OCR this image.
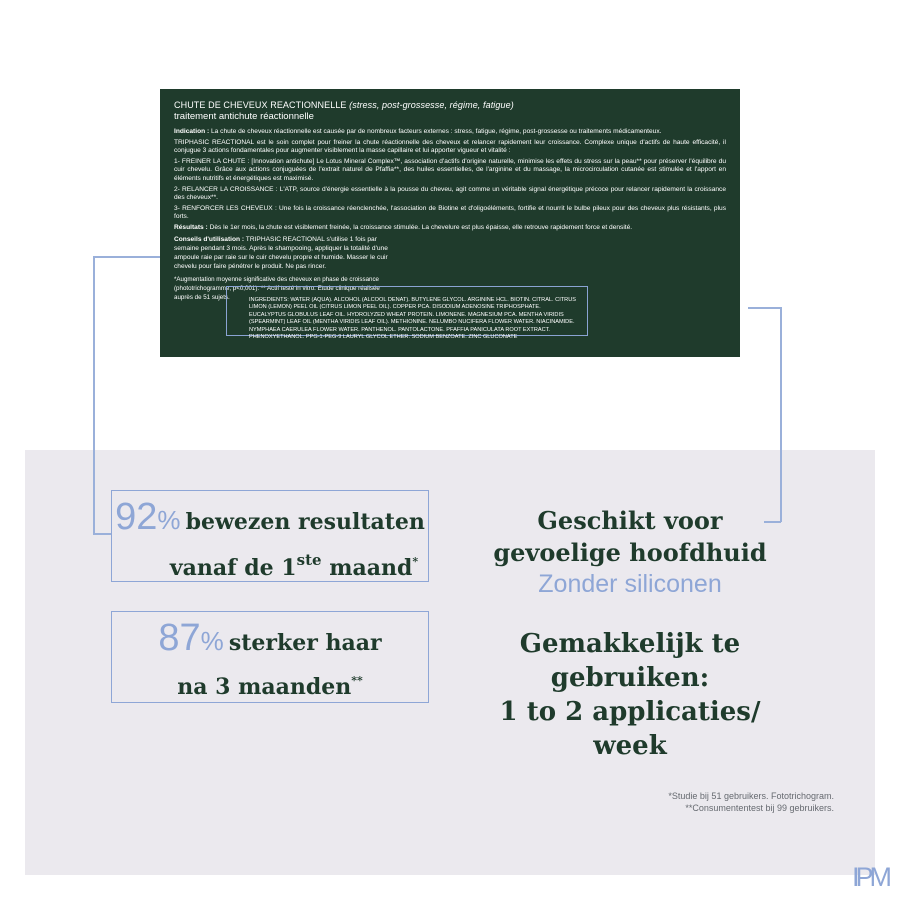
CHUTE DE CHEVEUX REACTIONNELLE (stress, post-grossesse, régime, fatigue)
traitement antichute réactionnelle

Indication : La chute de cheveux réactionnelle est causée par de nombreux facteurs externes : stress, fatigue, régime, post-grossesse ou traitements médicamenteux.

TRIPHASIC REACTIONAL est le soin complet pour freiner la chute réactionnelle des cheveux et relancer rapidement leur croissance. Complexe unique d'actifs de haute efficacité, il conjugue 3 actions fondamentales pour augmenter visiblement la masse capillaire et lui apporter vigueur et vitalité :

1- FREINER LA CHUTE : [Innovation antichute] Le Lotus Mineral Complex™, association d'actifs d'origine naturelle, minimise les effets du stress sur la peau** pour préserver l'équilibre du cuir chevelu. Grâce aux actions conjuguées de l'extrait naturel de Pfaffia**, des huiles essentielles, de l'arginine et du massage, la microcirculation cutanée est stimulée et l'apport en éléments nutritifs et énergétiques est maximisé.

2- RELANCER LA CROISSANCE : L'ATP, source d'énergie essentielle à la pousse du cheveu, agit comme un véritable signal énergétique précoce pour relancer rapidement la croissance des cheveux**.

3- RENFORCER LES CHEVEUX : Une fois la croissance réenclenchée, l'association de Biotine et d'oligoéléments, fortifie et nourrit le bulbe pileux pour des cheveux plus résistants, plus forts.

Résultats : Dès le 1er mois, la chute est visiblement freinée, la croissance stimulée. La chevelure est plus épaisse, elle retrouve rapidement force et densité.

Conseils d'utilisation : TRIPHASIC REACTIONAL s'utilise 1 fois par semaine pendant 3 mois. Après le shampooing, appliquer la totalité d'une ampoule raie par raie sur le cuir chevelu propre et humide. Masser le cuir chevelu pour faire pénétrer le produit. Ne pas rincer.

*Augmentation moyenne significative des cheveux en phase de croissance (phototrichogramme, p<0,001). ** Actif testé in vitro. Etude clinique réalisée auprès de 51 sujets.	INGREDIENTS: WATER (AQUA). ALCOHOL (ALCOOL DENAT). BUTYLENE GLYCOL. ARGININE HCL. BIOTIN. CITRAL. CITRUS LIMON (LEMON) PEEL OIL (CITRUS LIMON PEEL OIL). COPPER PCA. DISODIUM ADENOSINE TRIPHOSPHATE. EUCALYPTUS GLOBULUS LEAF OIL. HYDROLYZED WHEAT PROTEIN. LIMONENE. MAGNESIUM PCA. MENTHA VIRIDIS (SPEARMINT) LEAF OIL (MENTHA VIRIDIS LEAF OIL). METHIONINE. NELUMBO NUCIFERA FLOWER WATER. NIACINAMIDE. NYMPHAEA CAERULEA FLOWER WATER. PANTHENOL. PANTOLACTONE. PFAFFIA PANICULATA ROOT EXTRACT. PHENOXYETHANOL. PPG-1-PEG-9 LAURYL GLYCOL ETHER. SODIUM BENZOATE. ZINC GLUCONATE
92% bewezen resultaten
vanaf de 1ste maand*
87% sterker haar
na 3 maanden**
Geschikt voor
gevoelige hoofdhuid
Zonder siliconen
Gemakkelijk te gebruiken:
1 to 2 applicaties/
week
*Studie bij 51 gebruikers. Fototrichogram.
**Consumententest bij 99 gebruikers.
IPM
